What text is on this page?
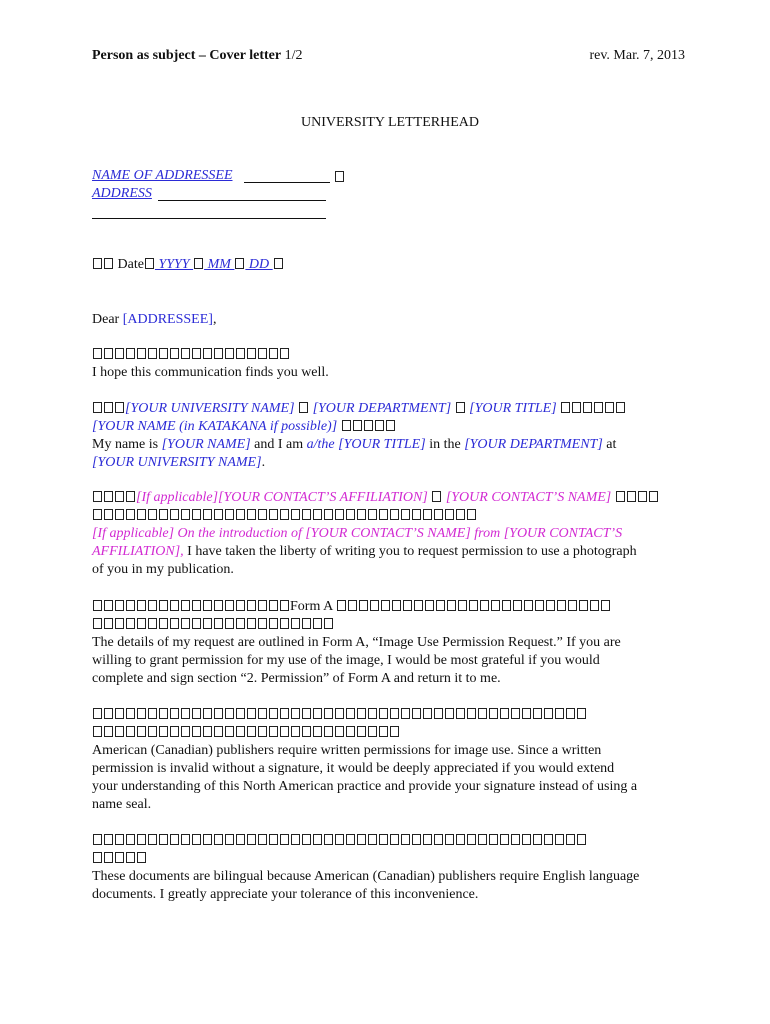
Person as subject – Cover letter 1/2	rev. Mar. 7, 2013
UNIVERSITY LETTERHEAD
NAME OF ADDRESSEE
ADDRESS
Date YYYY  MM  DD
Dear [ADDRESSEE],
I hope this communication finds you well.
[YOUR UNIVERSITY NAME] [YOUR DEPARTMENT] [YOUR TITLE]
[YOUR NAME (in KATAKANA if possible)]
My name is [YOUR NAME] and I am a/the [YOUR TITLE] in the [YOUR DEPARTMENT] at
[YOUR UNIVERSITY NAME].
[If applicable][YOUR CONTACT’S AFFILIATION] [YOUR CONTACT’S NAME]
[If applicable] On the introduction of [YOUR CONTACT’S NAME] from [YOUR CONTACT’S
AFFILIATION], I have taken the liberty of writing you to request permission to use a photograph
of you in my publication.
Form A
The details of my request are outlined in Form A, “Image Use Permission Request.” If you are
willing to grant permission for my use of the image, I would be most grateful if you would
complete and sign section “2. Permission” of Form A and return it to me.
American (Canadian) publishers require written permissions for image use. Since a written
permission is invalid without a signature, it would be deeply appreciated if you would extend
your understanding of this North American practice and provide your signature instead of using a
name seal.
These documents are bilingual because American (Canadian) publishers require English language
documents. I greatly appreciate your tolerance of this inconvenience.
